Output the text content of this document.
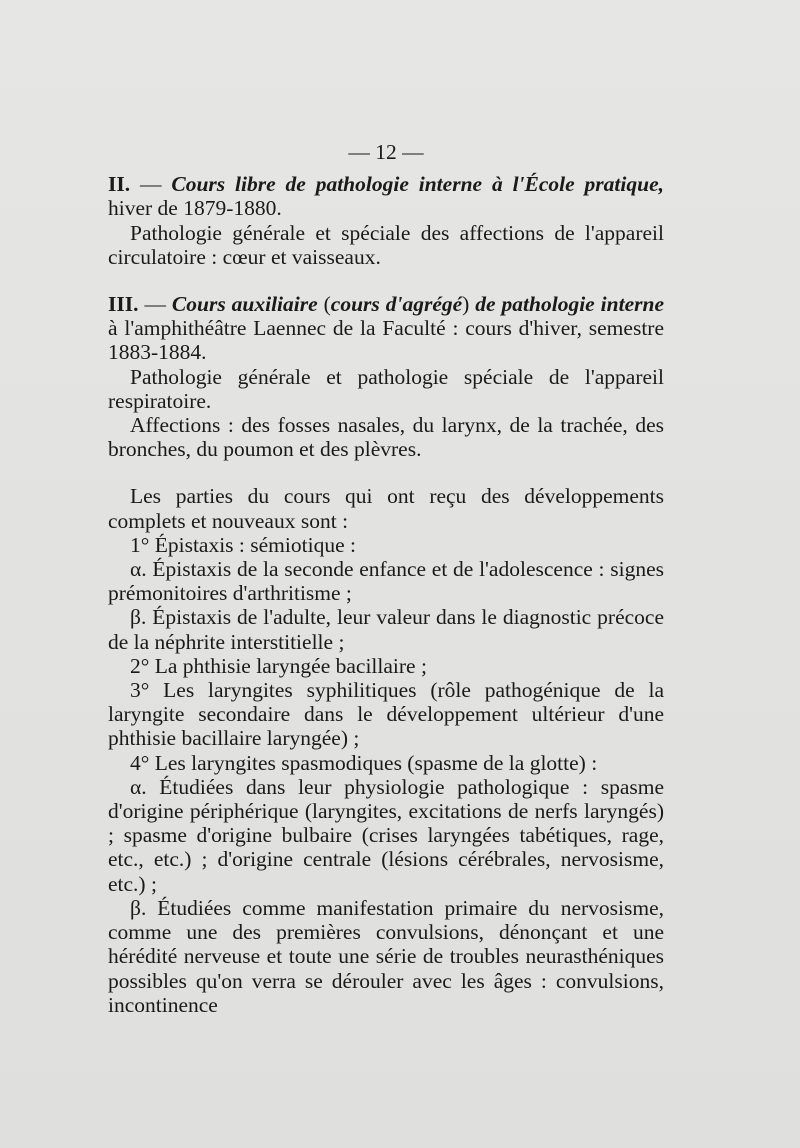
— 12 —

II. — Cours libre de pathologie interne à l'École pratique, hiver de 1879-1880.

Pathologie générale et spéciale des affections de l'appareil circulatoire : cœur et vaisseaux.

III. — Cours auxiliaire (cours d'agrégé) de pathologie interne à l'amphithéâtre Laennec de la Faculté : cours d'hiver, semestre 1883-1884.

Pathologie générale et pathologie spéciale de l'appareil respiratoire.

Affections : des fosses nasales, du larynx, de la trachée, des bronches, du poumon et des plèvres.

Les parties du cours qui ont reçu des développements complets et nouveaux sont :

1° Épistaxis : sémiotique :

α. Épistaxis de la seconde enfance et de l'adolescence : signes prémonitoires d'arthritisme ;

β. Épistaxis de l'adulte, leur valeur dans le diagnostic précoce de la néphrite interstitielle ;

2° La phthisie laryngée bacillaire ;

3° Les laryngites syphilitiques (rôle pathogénique de la laryngite secondaire dans le développement ultérieur d'une phthisie bacillaire laryngée) ;

4° Les laryngites spasmodiques (spasme de la glotte) :

α. Étudiées dans leur physiologie pathologique : spasme d'origine périphérique (laryngites, excitations de nerfs laryngés) ; spasme d'origine bulbaire (crises laryngées tabétiques, rage, etc., etc.) ; d'origine centrale (lésions cérébrales, nervosisme, etc.) ;

β. Étudiées comme manifestation primaire du nervosisme, comme une des premières convulsions, dénonçant et une hérédité nerveuse et toute une série de troubles neurasthéniques possibles qu'on verra se dérouler avec les âges : convulsions, incontinence
